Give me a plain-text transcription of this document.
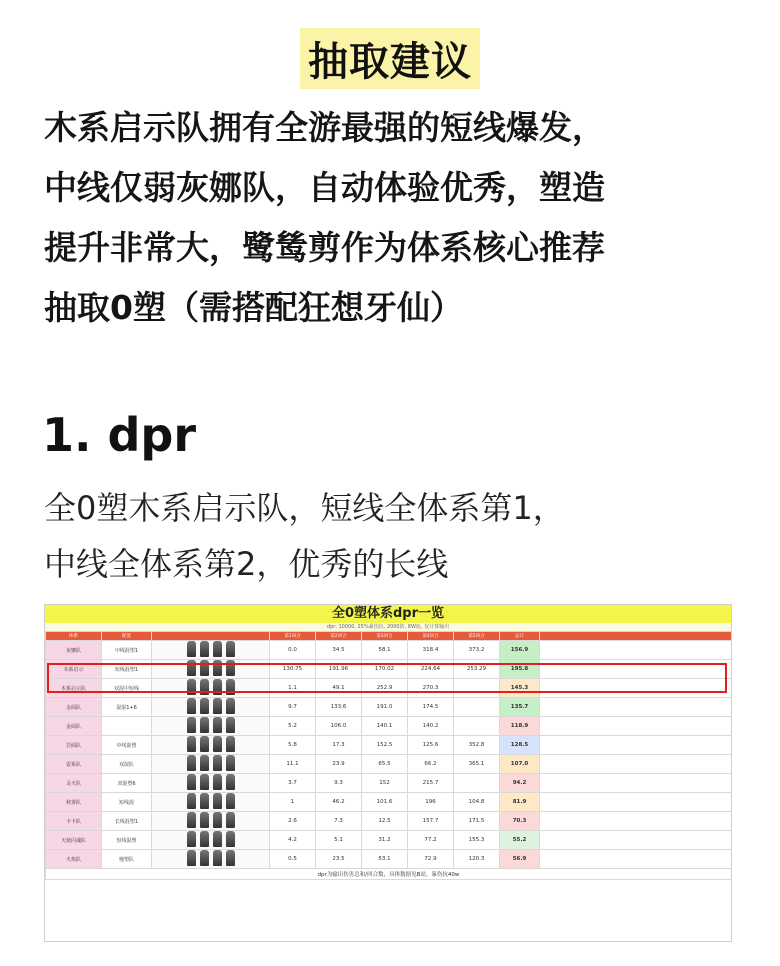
抽取建议
木系启示队拥有全游最强的短线爆发，
中线仅弱灰娜队，自动体验优秀，塑造
提升非常大，鹭鸶剪作为体系核心推荐
抽取0塑（需搭配狂想牙仙）
1. dpr
全0塑木系启示队，短线全体系第1，
中线全体系第2，优秀的长线
全0塑体系dpr一览
dpr: 10000, 25%暴伤抗, 2000防, 8W血, 仅计算输出
体系	配置		第1回合	第2回合	第3回合	第4回合	第5回合	总计	
灰娜队	中线混塑1		0.0	34.5	58.1	318.4	373.2	156.9	
木系启示	短线混塑1		130.75	191.96	170.02	224.64	253.29	195.8	
木系启示队	双混中短线		1.1	49.1	252.9	270.3		145.3	
金面队	混混1+6		9.7	133.6	191.0	174.5		135.7	
金面队			5.2	106.0	140.1	140.2		118.9	
岩面队	中线混塑		5.8	17.3	152.5	125.6	352.8	128.5	
雷系队	双混队		11.1	23.9	65.5	66.2	365.1	107.0	
灵火队	双混塑6		3.7	9.3	152	215.7		94.2	
秋雾队	短线混		1	46.2	101.6	196	104.8	81.9	
卡卡队	长线混塑1		2.6	7.3	12.5	157.7	171.5	70.3	
天使闪魂队	短线混塑		4.2	5.1	31.2	77.2	155.3	55.2	
火焰队	慢塑队		0.5	23.5	53.1	72.9	120.3	56.9	
dpr为输出伤害总和/回合数，具体数据见B站，暴伤抗40w									
